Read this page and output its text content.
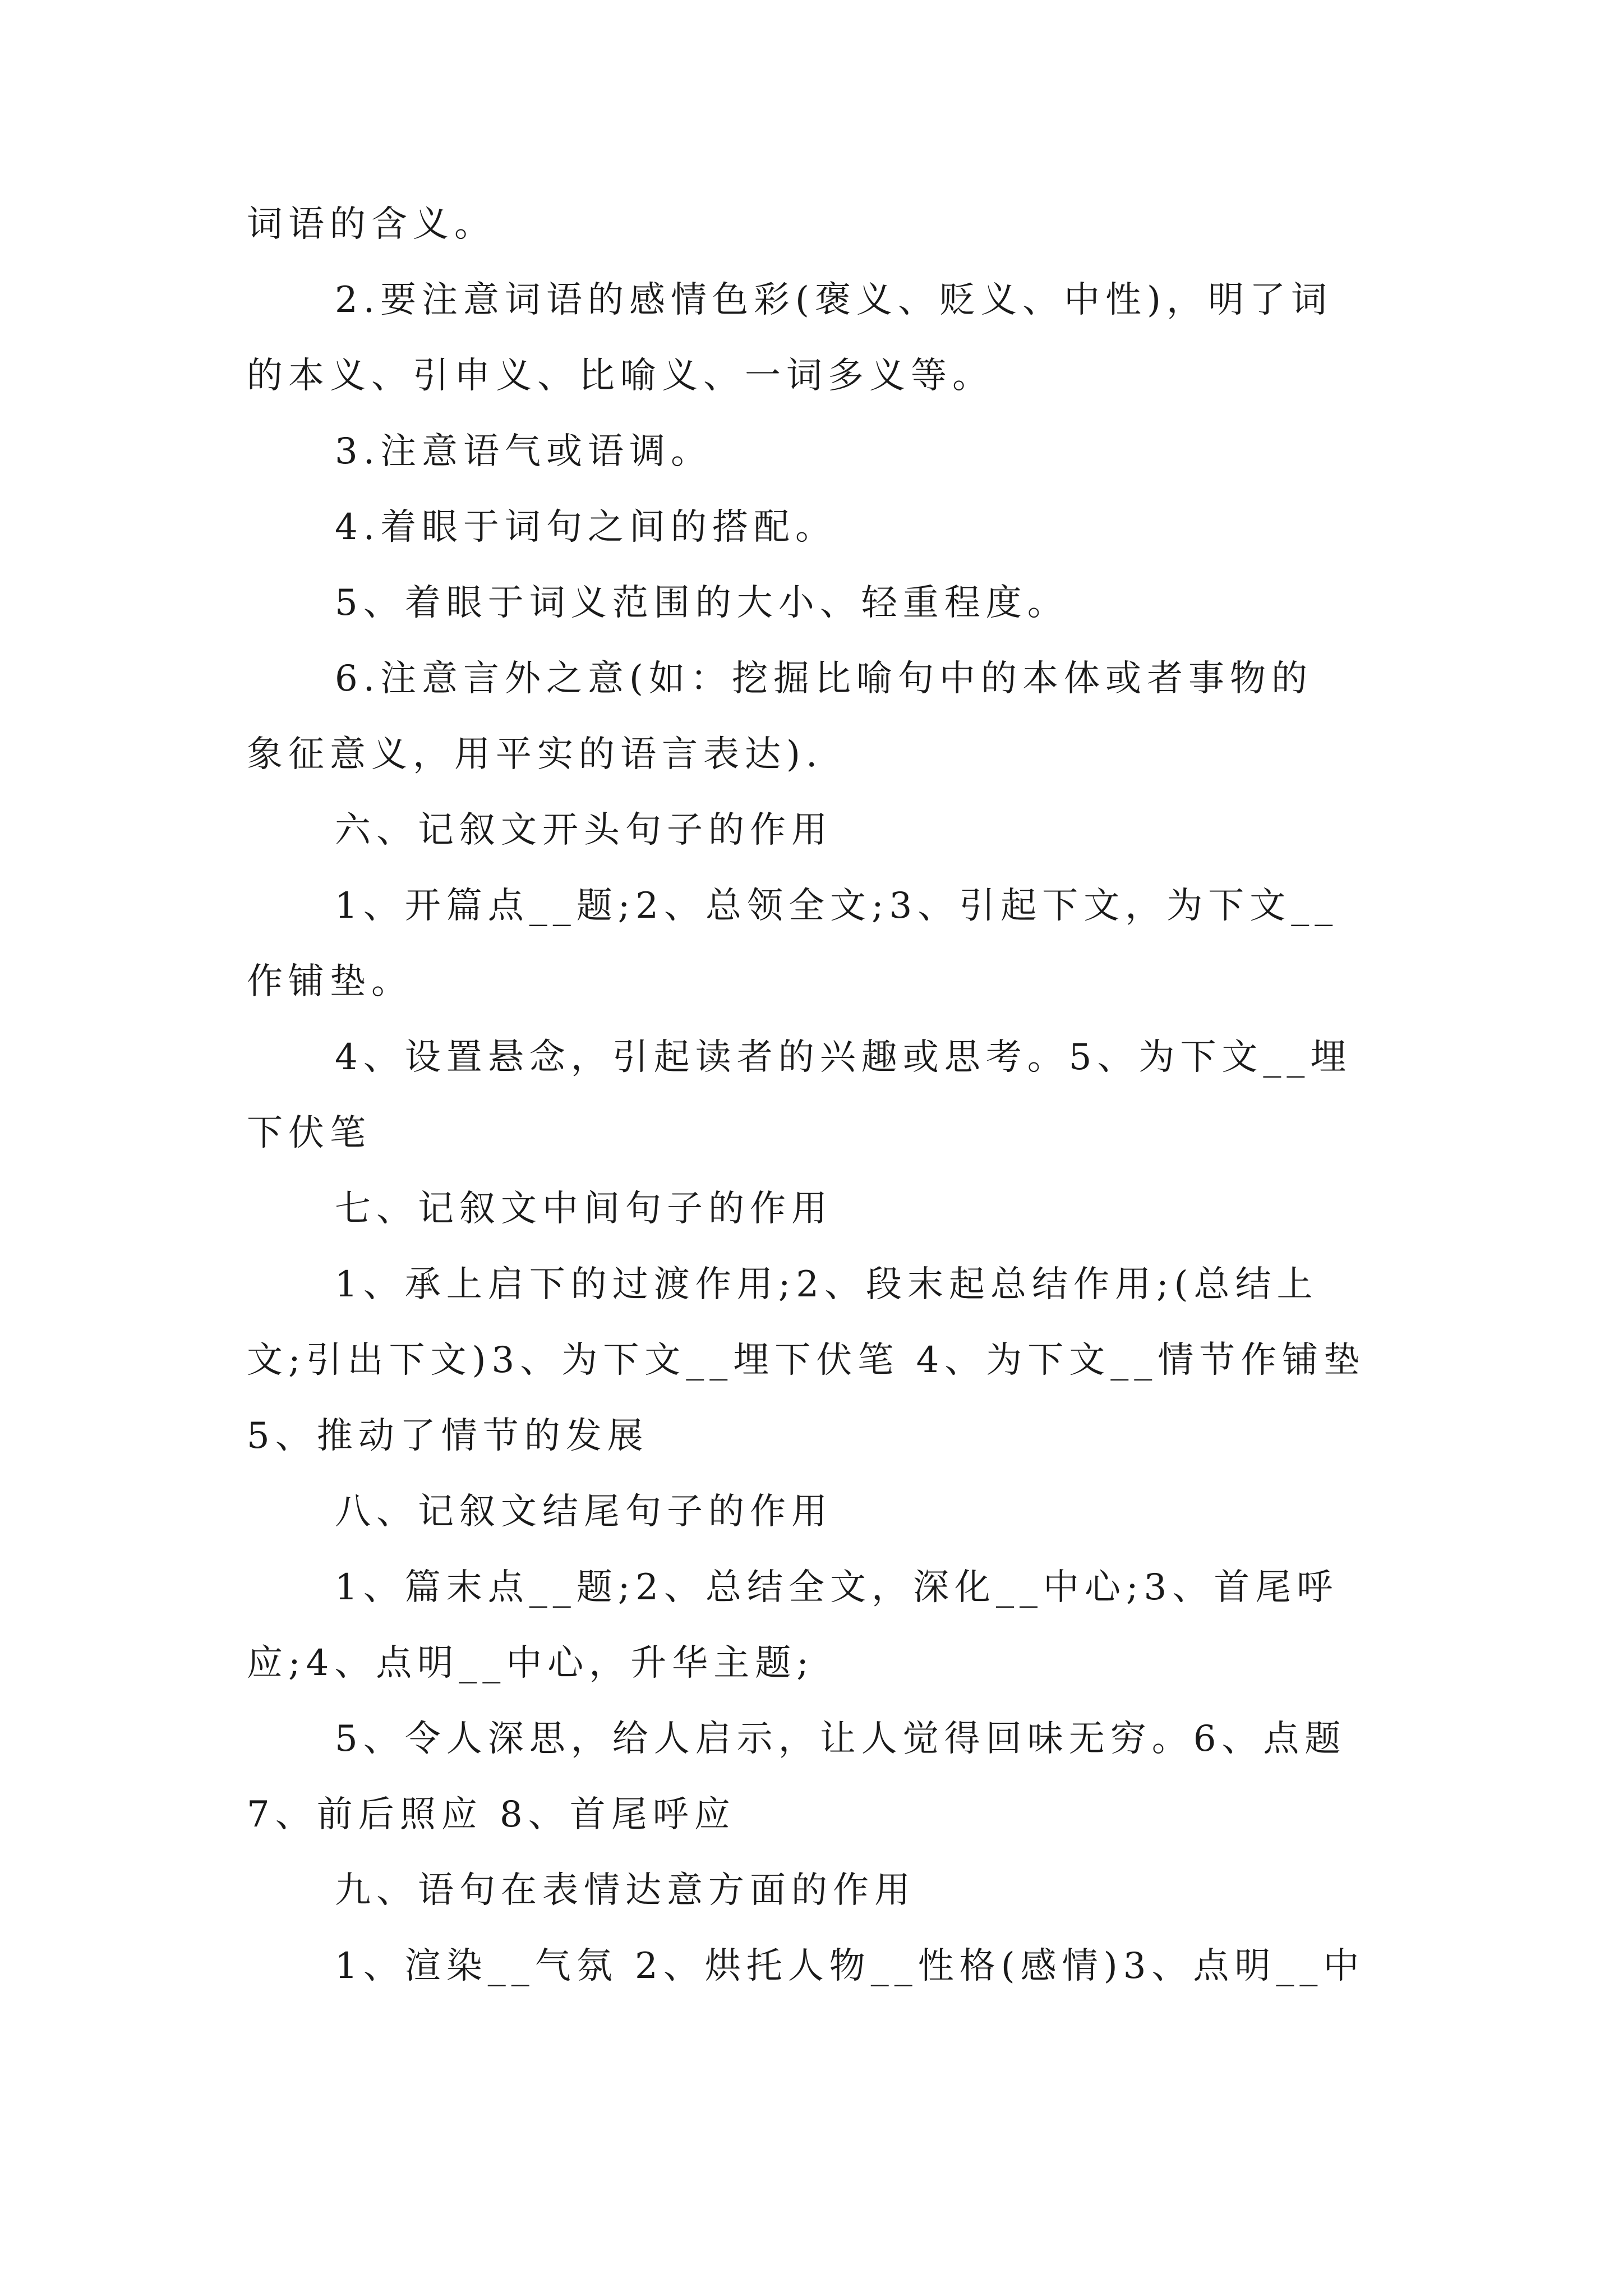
词语的含义。
2.要注意词语的感情色彩(褒义、贬义、中性)，明了词
的本义、引申义、比喻义、一词多义等。
3.注意语气或语调。
4.着眼于词句之间的搭配。
5、着眼于词义范围的大小、轻重程度。
6.注意言外之意(如：挖掘比喻句中的本体或者事物的
象征意义，用平实的语言表达).
六、记叙文开头句子的作用
1、开篇点__题;2、总领全文;3、引起下文，为下文__
作铺垫。
4、设置悬念，引起读者的兴趣或思考。5、为下文__埋
下伏笔
七、记叙文中间句子的作用
1、承上启下的过渡作用;2、段末起总结作用;(总结上
文;引出下文)3、为下文__埋下伏笔 4、为下文__情节作铺垫
5、推动了情节的发展
八、记叙文结尾句子的作用
1、篇末点__题;2、总结全文，深化__中心;3、首尾呼
应;4、点明__中心，升华主题;
5、令人深思，给人启示，让人觉得回味无穷。6、点题
7、前后照应 8、首尾呼应
九、语句在表情达意方面的作用
1、渲染__气氛 2、烘托人物__性格(感情)3、点明__中
